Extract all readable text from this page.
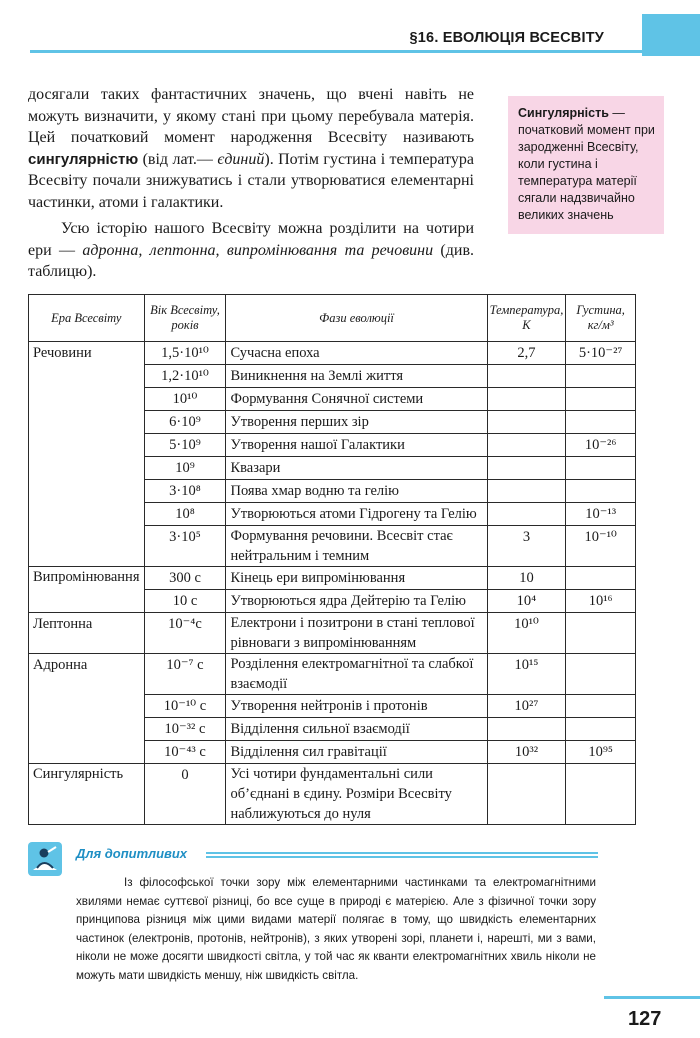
§16. ЕВОЛЮЦІЯ ВСЕСВІТУ

досягали таких фантастичних значень, що вчені навіть не можуть визначити, у якому стані при цьому перебувала матерія. Цей початковий момент народження Всесвіту називають сингулярністю (від лат.— єдиний). Потім густина і температура Всесвіту почали знижуватись і стали утворюватися елементарні частинки, атоми і галактики.

Усю історію нашого Всесвіту можна розділити на чотири ери — адронна, лептонна, випромінювання та речовини (див. таблицю).

Сингулярність — початковий момент при зародженні Всесвіту, коли густина і температура матерії сягали надзвичайно великих значень
Ера Всесвіту	Вік Всесвіту, років	Фази еволюції	Температура, К	Густина, кг/м³
Речовини	1,5·10¹⁰	Сучасна епоха	2,7	5·10⁻²⁷
	1,2·10¹⁰	Виникнення на Землі життя		
	10¹⁰	Формування Сонячної системи		
	6·10⁹	Утворення перших зір		
	5·10⁹	Утворення нашої Галактики		10⁻²⁶
	10⁹	Квазари		
	3·10⁸	Поява хмар водню та гелію		
	10⁸	Утворюються атоми Гідрогену та Гелію		10⁻¹³
	3·10⁵	Формування речовини. Всесвіт стає нейтральним і темним	3	10⁻¹⁰
Випромінювання	300 с	Кінець ери випромінювання	10	
	10 с	Утворюються ядра Дейтерію та Гелію	10⁴	10¹⁶
Лептонна	10⁻⁴с	Електрони і позитрони в стані теплової рівноваги з випромінюванням	10¹⁰	
Адронна	10⁻⁷ с	Розділення електромагнітної та слабкої взаємодії	10¹⁵	
	10⁻¹⁰ с	Утворення нейтронів і протонів	10²⁷	
	10⁻³² с	Відділення сильної взаємодії		
	10⁻⁴³ с	Відділення сил гравітації	10³²	10⁹⁵
Сингулярність	0	Усі чотири фундаментальні сили об’єднані в єдину. Розміри Всесвіту наближуються до нуля		
Для допитливих

Із філософської точки зору між елементарними частинками та електромагнітними хвилями немає суттєвої різниці, бо все суще в природі є матерією. Але з фізичної точки зору принципова різниця між цими видами матерії полягає в тому, що швидкість елементарних частинок (електронів, протонів, нейтронів), з яких утворені зорі, планети і, нарешті, ми з вами, ніколи не може досягти швидкості світла, у той час як кванти електромагнітних хвиль ніколи не можуть мати швидкість меншу, ніж швидкість світла.

127
